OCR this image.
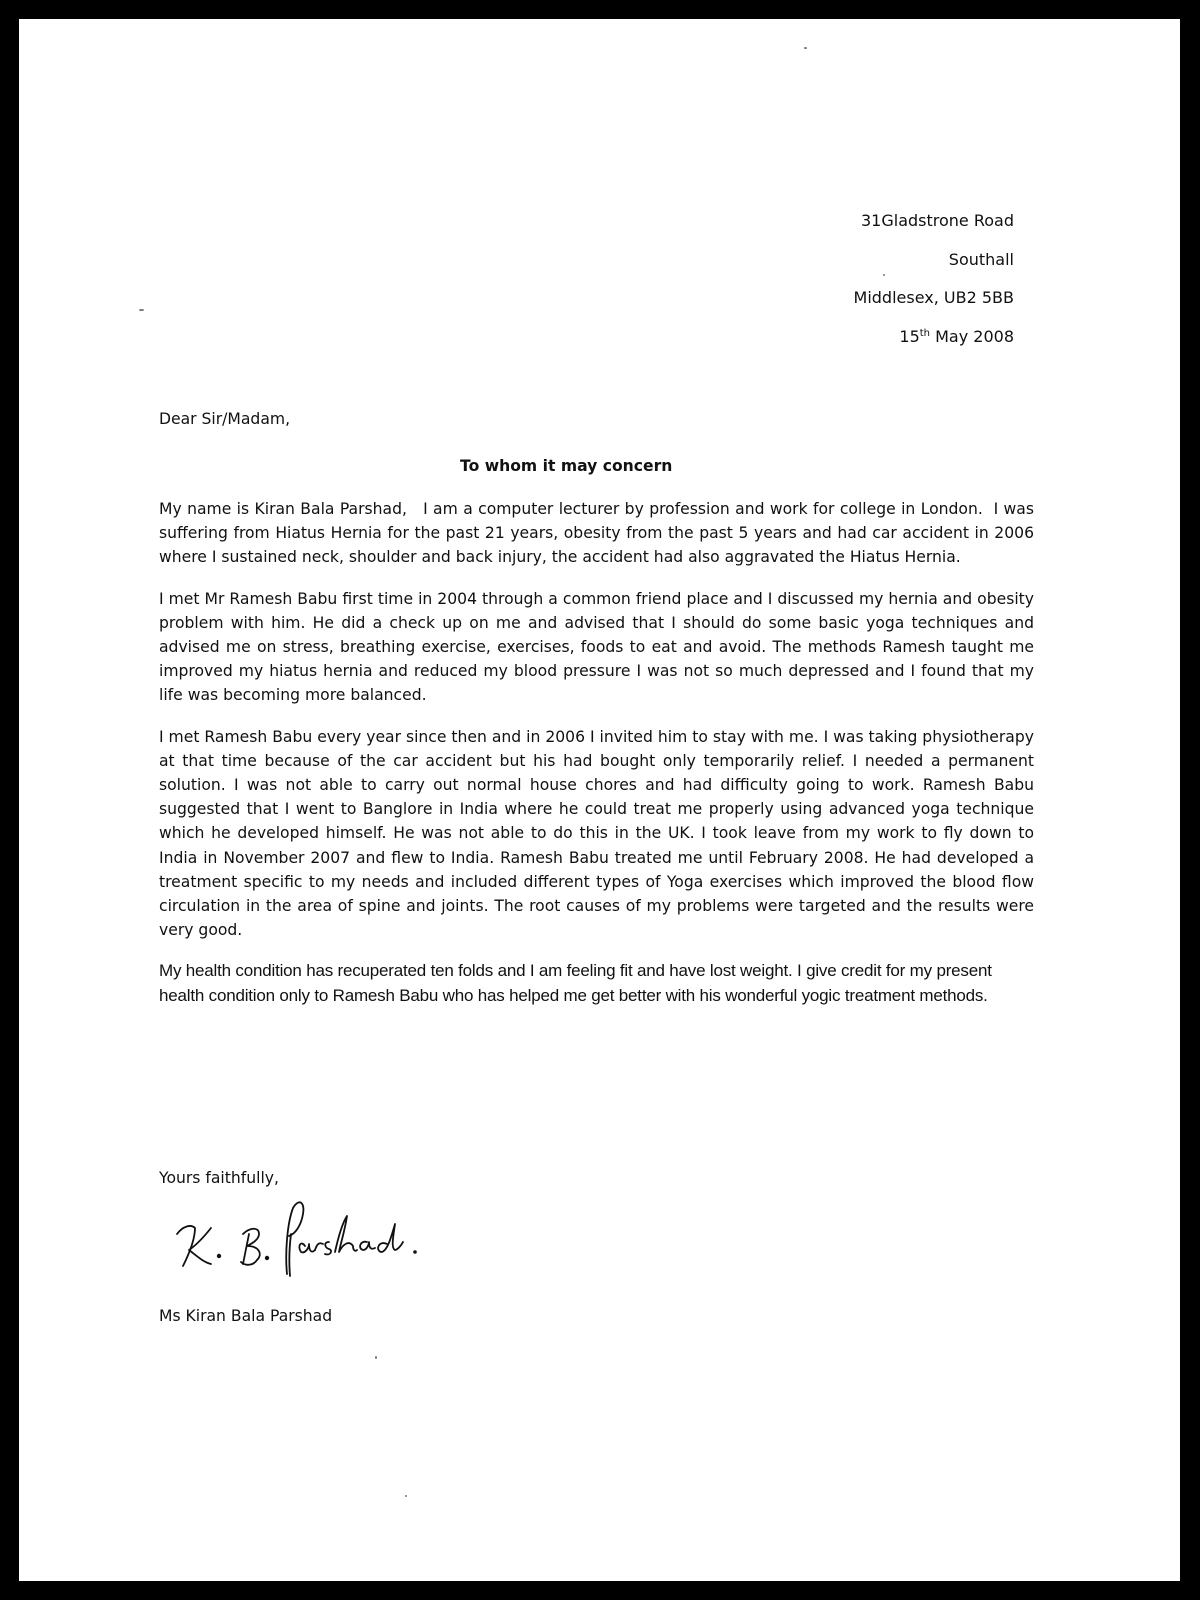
31Gladstrone Road
Southall
Middlesex, UB2 5BB
15th May 2008
Dear Sir/Madam,
To whom it may concern

My name is Kiran Bala Parshad,   I am a computer lecturer by profession and work for college in London.  I was suffering from Hiatus Hernia for the past 21 years, obesity from the past 5 years and had car accident in 2006 where I sustained neck, shoulder and back injury, the accident had also aggravated the Hiatus Hernia.

I met Mr Ramesh Babu first time in 2004 through a common friend place and I discussed my hernia and obesity problem with him. He did a check up on me and advised that I should do some basic yoga techniques and advised me on stress, breathing exercise, exercises, foods to eat and avoid. The methods Ramesh taught me improved my hiatus hernia and reduced my blood pressure I was not so much depressed and I found that my life was becoming more balanced.

I met Ramesh Babu every year since then and in 2006 I invited him to stay with me. I was taking physiotherapy at that time because of the car accident but his had bought only temporarily relief. I needed a permanent solution. I was not able to carry out normal house chores and had difficulty going to work. Ramesh Babu suggested that I went to Banglore in India where he could treat me properly using advanced yoga technique which he developed himself. He was not able to do this in the UK. I took leave from my work to fly down to India in November 2007 and flew to India. Ramesh Babu treated me until February 2008. He had developed a treatment specific to my needs and included different types of Yoga exercises which improved the blood flow circulation in the area of spine and joints. The root causes of my problems were targeted and the results were very good.

My health condition has recuperated ten folds and I am feeling fit and have lost weight. I give credit for my present health condition only to Ramesh Babu who has helped me get better with his wonderful yogic treatment methods.

Yours faithfully,
Ms Kiran Bala Parshad
